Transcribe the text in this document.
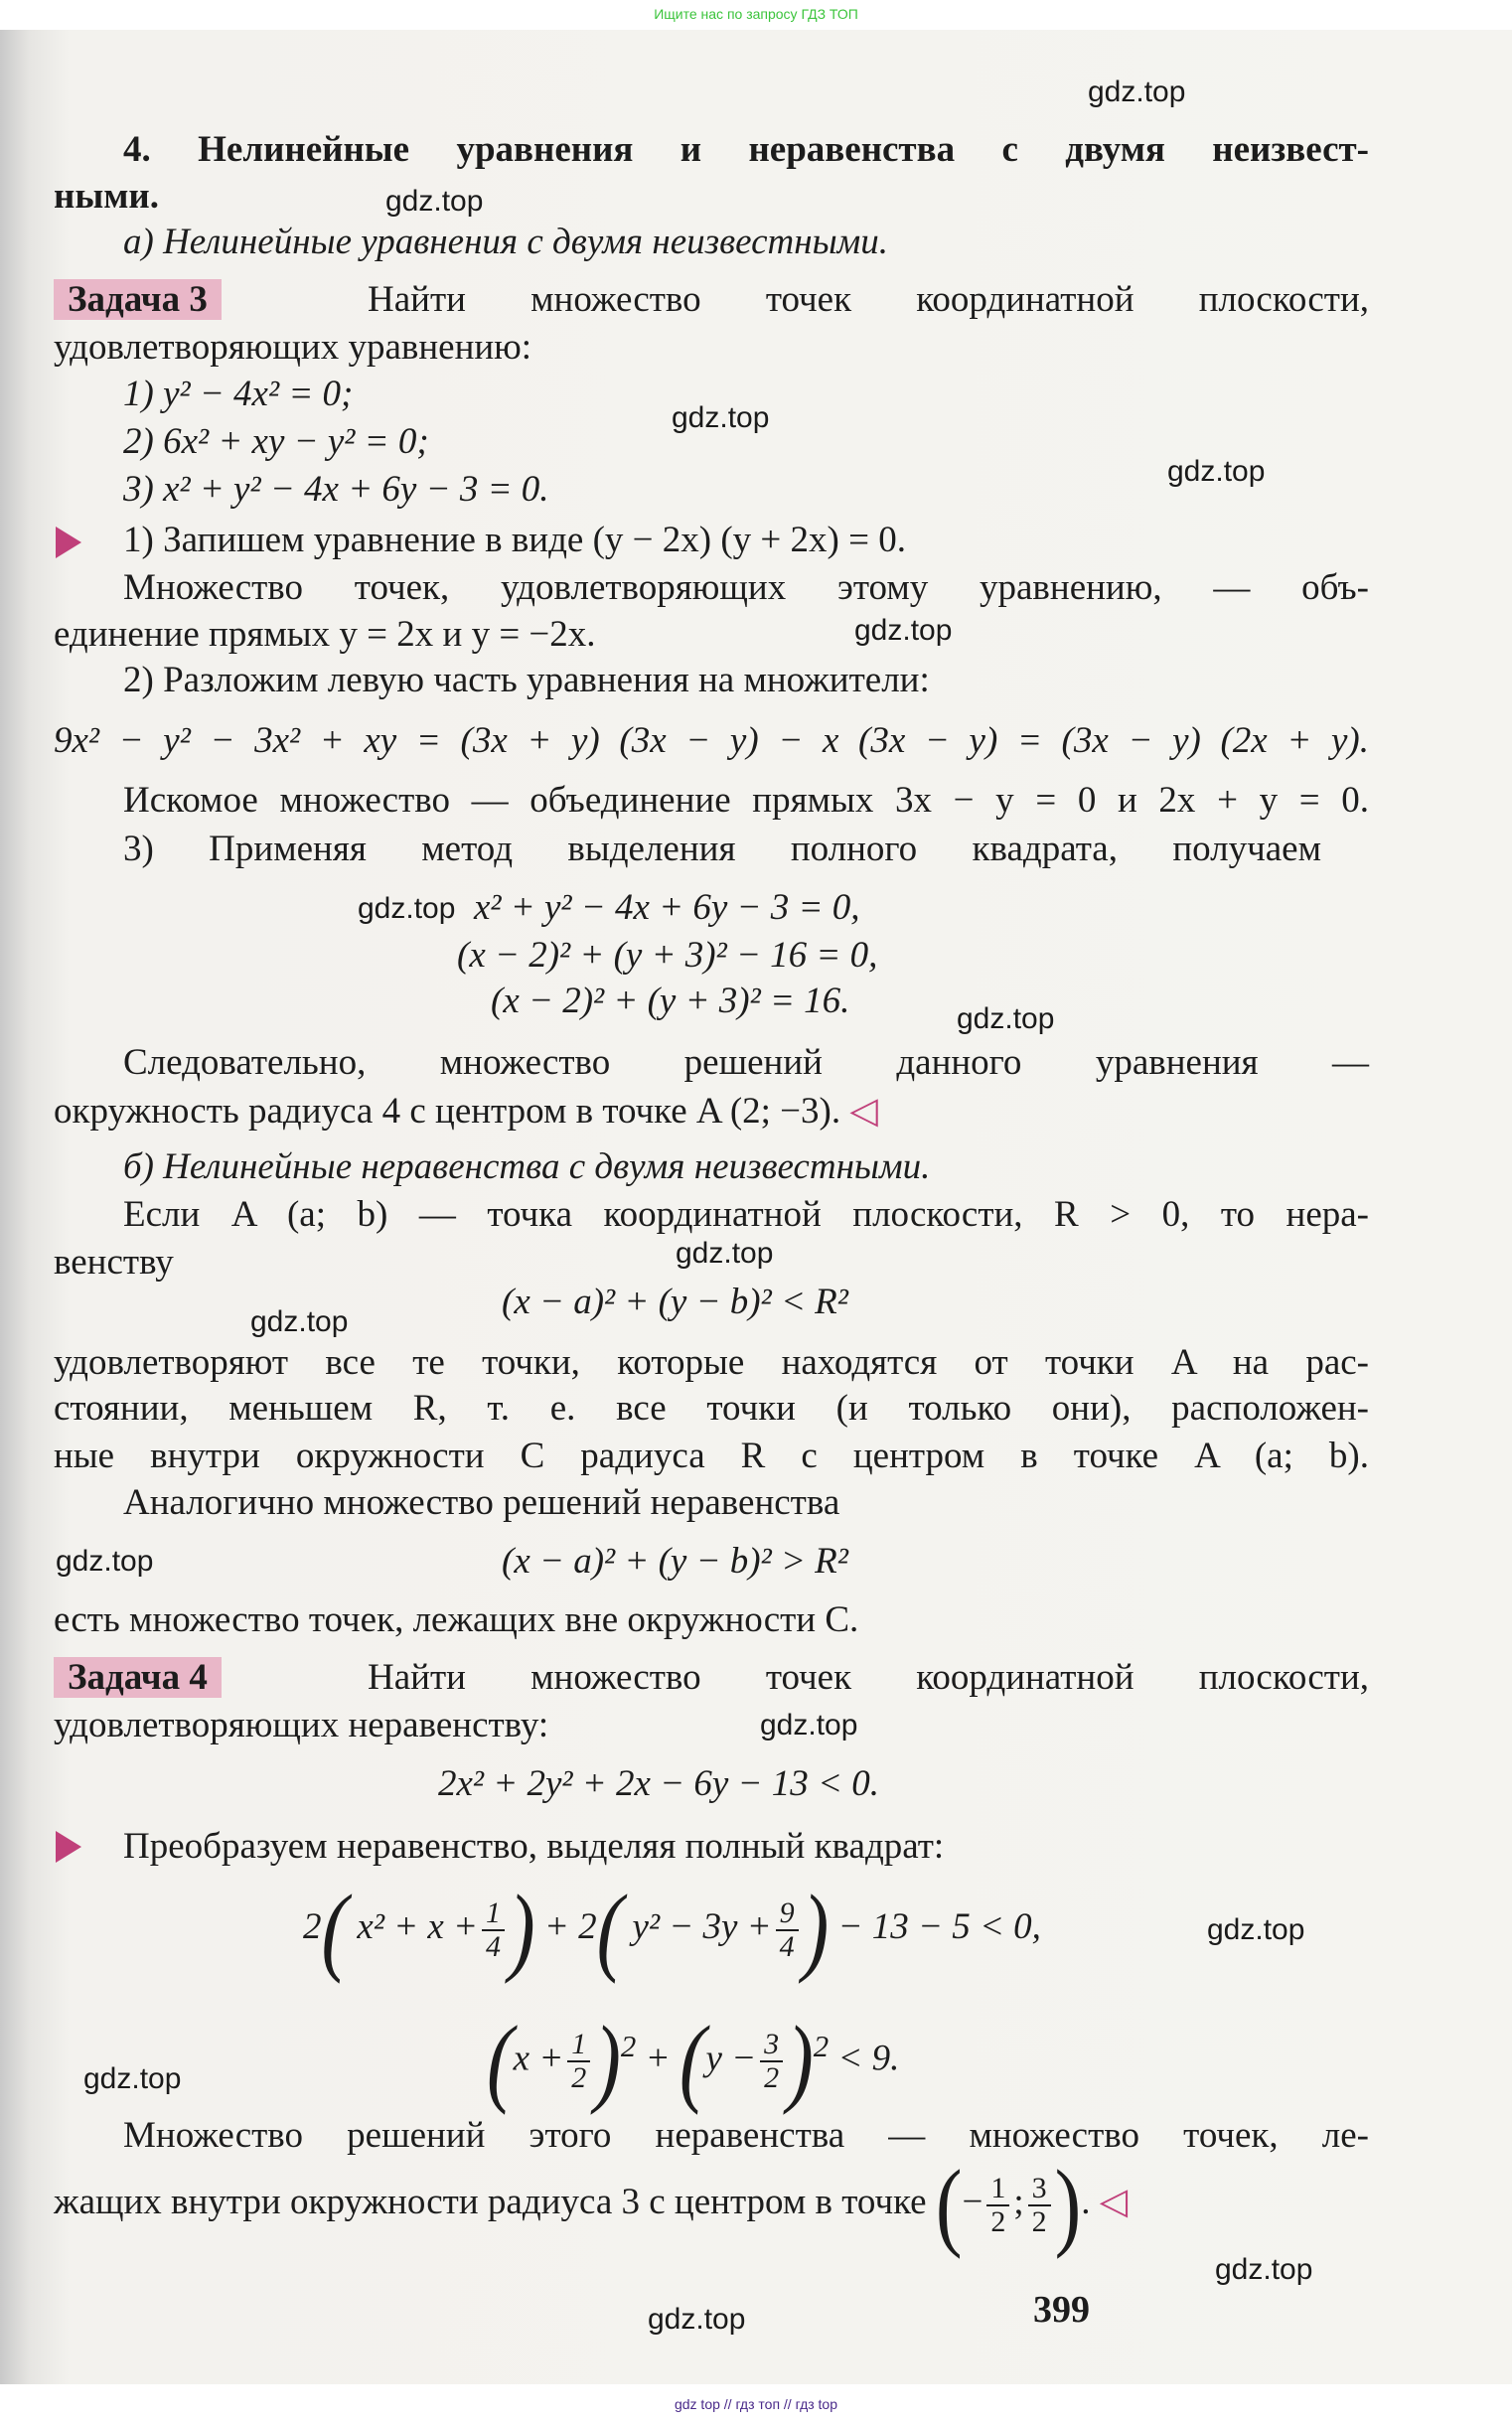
Ищите нас по запросу ГДЗ ТОП
4. Нелинейные уравнения и неравенства с двумя неизвест-
ными.
а) Нелинейные уравнения с двумя неизвестными.
Задача 3	Найти множество точек координатной плоскости,
удовлетворяющих уравнению:
1) y² − 4x² = 0;
2) 6x² + xy − y² = 0;
3) x² + y² − 4x + 6y − 3 = 0.
1) Запишем уравнение в виде (y − 2x) (y + 2x) = 0.
Множество точек, удовлетворяющих этому уравнению, — объ-
единение прямых y = 2x и y = −2x.
2) Разложим левую часть уравнения на множители:
9x² − y² − 3x² + xy = (3x + y) (3x − y) − x (3x − y) = (3x − y) (2x + y).
Искомое множество — объединение прямых 3x − y = 0 и 2x + y = 0.
3) Применяя метод выделения полного квадрата, получаем
x² + y² − 4x + 6y − 3 = 0,
(x − 2)² + (y + 3)² − 16 = 0,
(x − 2)² + (y + 3)² = 16.
Следовательно, множество решений данного уравнения —
окружность радиуса 4 с центром в точке A (2; −3). ◁
б) Нелинейные неравенства с двумя неизвестными.
Если A (a; b) — точка координатной плоскости, R > 0, то нера-
венству
(x − a)² + (y − b)² < R²
удовлетворяют все те точки, которые находятся от точки A на рас-
стоянии, меньшем R, т. е. все точки (и только они), расположен-
ные внутри окружности C радиуса R с центром в точке A (a; b).
Аналогично множество решений неравенства
(x − a)² + (y − b)² > R²
есть множество точек, лежащих вне окружности C.
Задача 4	Найти множество точек координатной плоскости,
удовлетворяющих неравенству:
2x² + 2y² + 2x − 6y − 13 < 0.
Преобразуем неравенство, выделяя полный квадрат:
2( $x^2 + x + \frac{1}{4}$ ) + 2( $y^2 - 3y + \frac{9}{4}$ ) − 13 − 5 < 0,
$(x + \frac{1}{2} )^2 + (y - \frac{3}{2} )^2 < 9$.
Множество решений этого неравенства — множество точек, ле-
жащих внутри окружности радиуса 3 с центром в точке (− $\frac{1}{2}$ ; $\frac{3}{2}$ ). ◁
399
gdz.top
gdz.top
gdz.top
gdz.top
gdz.top
gdz.top
gdz.top
gdz.top
gdz.top
gdz.top
gdz.top
gdz.top
gdz.top
gdz.top
gdz.top
gdz top // гдз топ // гдз top
